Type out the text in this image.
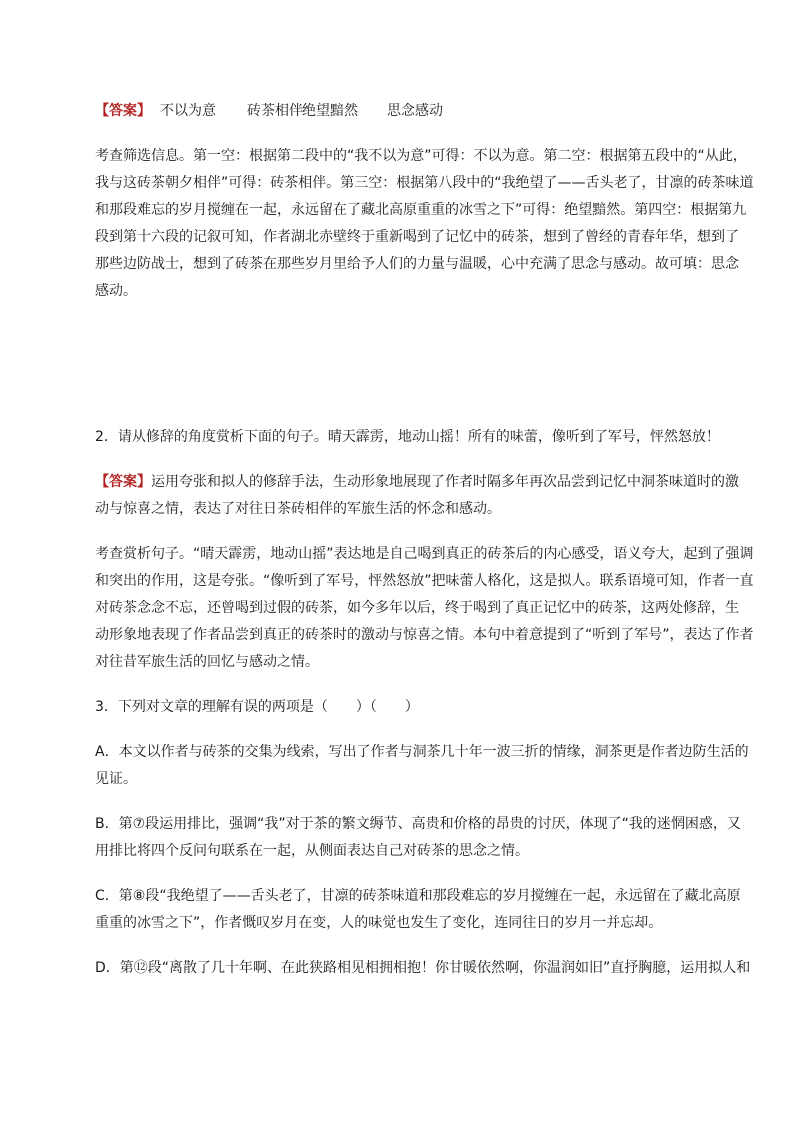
【答案】 不以为意 砖茶相伴 绝望黯然 思念感动

考查筛选信息。第一空：根据第二段中的“我不以为意”可得：不以为意。第二空：根据第五段中的“从此，

我与这砖茶朝夕相伴”可得：砖茶相伴。第三空：根据第八段中的“我绝望了——舌头老了，甘凛的砖茶味道

和那段难忘的岁月搅缠在一起，永远留在了藏北高原重重的冰雪之下”可得：绝望黯然。第四空：根据第九

段到第十六段的记叙可知，作者湖北赤壁终于重新喝到了记忆中的砖茶，想到了曾经的青春年华，想到了

那些边防战士，想到了砖茶在那些岁月里给予人们的力量与温暖，心中充满了思念与感动。故可填：思念

感动。

2．请从修辞的角度赏析下面的句子。晴天霹雳，地动山摇！所有的味蕾，像听到了军号，怦然怒放！

【答案】运用夸张和拟人的修辞手法，生动形象地展现了作者时隔多年再次品尝到记忆中洞茶味道时的激

动与惊喜之情，表达了对往日茶砖相伴的军旅生活的怀念和感动。

考查赏析句子。“晴天霹雳，地动山摇”表达地是自己喝到真正的砖茶后的内心感受，语义夸大，起到了强调

和突出的作用，这是夸张。“像听到了军号，怦然怒放”把味蕾人格化，这是拟人。联系语境可知，作者一直

对砖茶念念不忘，还曾喝到过假的砖茶，如今多年以后，终于喝到了真正记忆中的砖茶，这两处修辞，生

动形象地表现了作者品尝到真正的砖茶时的激动与惊喜之情。本句中着意提到了“听到了军号”，表达了作者

对往昔军旅生活的回忆与感动之情。

3．下列对文章的理解有误的两项是（　　）（　　）

A．本文以作者与砖茶的交集为线索，写出了作者与洞茶几十年一波三折的情缘，洞茶更是作者边防生活的

见证。

B．第⑦段运用排比，强调“我”对于茶的繁文缛节、高贵和价格的昂贵的讨厌，体现了“我的迷惘困惑，又

用排比将四个反问句联系在一起，从侧面表达自己对砖茶的思念之情。

C．第⑧段“我绝望了——舌头老了，甘凛的砖茶味道和那段难忘的岁月搅缠在一起，永远留在了藏北高原

重重的冰雪之下”，作者慨叹岁月在变，人的味觉也发生了变化，连同往日的岁月一并忘却。

D．第⑫段“离散了几十年啊、在此狭路相见相拥相抱！你甘暖依然啊，你温润如旧”直抒胸臆，运用拟人和
